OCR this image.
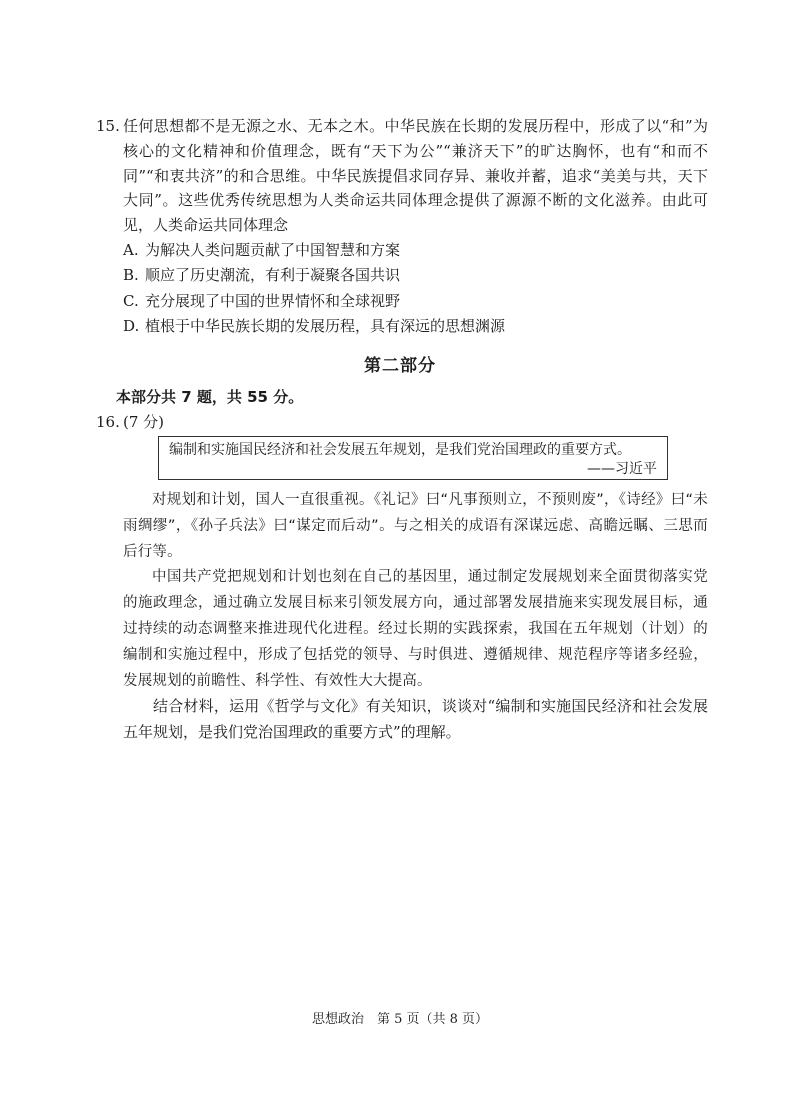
15. 任何思想都不是无源之水、无本之木。中华民族在长期的发展历程中，形成了以“和”为核心的文化精神和价值理念，既有“天下为公”“兼济天下”的旷达胸怀，也有“和而不同”“和衷共济”的和合思维。中华民族提倡求同存异、兼收并蓄，追求“美美与共，天下大同”。这些优秀传统思想为人类命运共同体理念提供了源源不断的文化滋养。由此可见，人类命运共同体理念
A. 为解决人类问题贡献了中国智慧和方案
B. 顺应了历史潮流，有利于凝聚各国共识
C. 充分展现了中国的世界情怀和全球视野
D. 植根于中华民族长期的发展历程，具有深远的思想渊源
第二部分
本部分共 7 题，共 55 分。
16. (7 分)
编制和实施国民经济和社会发展五年规划，是我们党治国理政的重要方式。
——习近平

对规划和计划，国人一直很重视。《礼记》曰“凡事预则立，不预则废”，《诗经》曰“未雨绸缪”，《孙子兵法》曰“谋定而后动”。与之相关的成语有深谋远虑、高瞻远瞩、三思而后行等。

中国共产党把规划和计划也刻在自己的基因里，通过制定发展规划来全面贯彻落实党的施政理念，通过确立发展目标来引领发展方向，通过部署发展措施来实现发展目标，通过持续的动态调整来推进现代化进程。经过长期的实践探索，我国在五年规划（计划）的编制和实施过程中，形成了包括党的领导、与时俱进、遵循规律、规范程序等诸多经验，发展规划的前瞻性、科学性、有效性大大提高。

结合材料，运用《哲学与文化》有关知识，谈谈对“编制和实施国民经济和社会发展五年规划，是我们党治国理政的重要方式”的理解。

思想政治　第 5 页（共 8 页）
